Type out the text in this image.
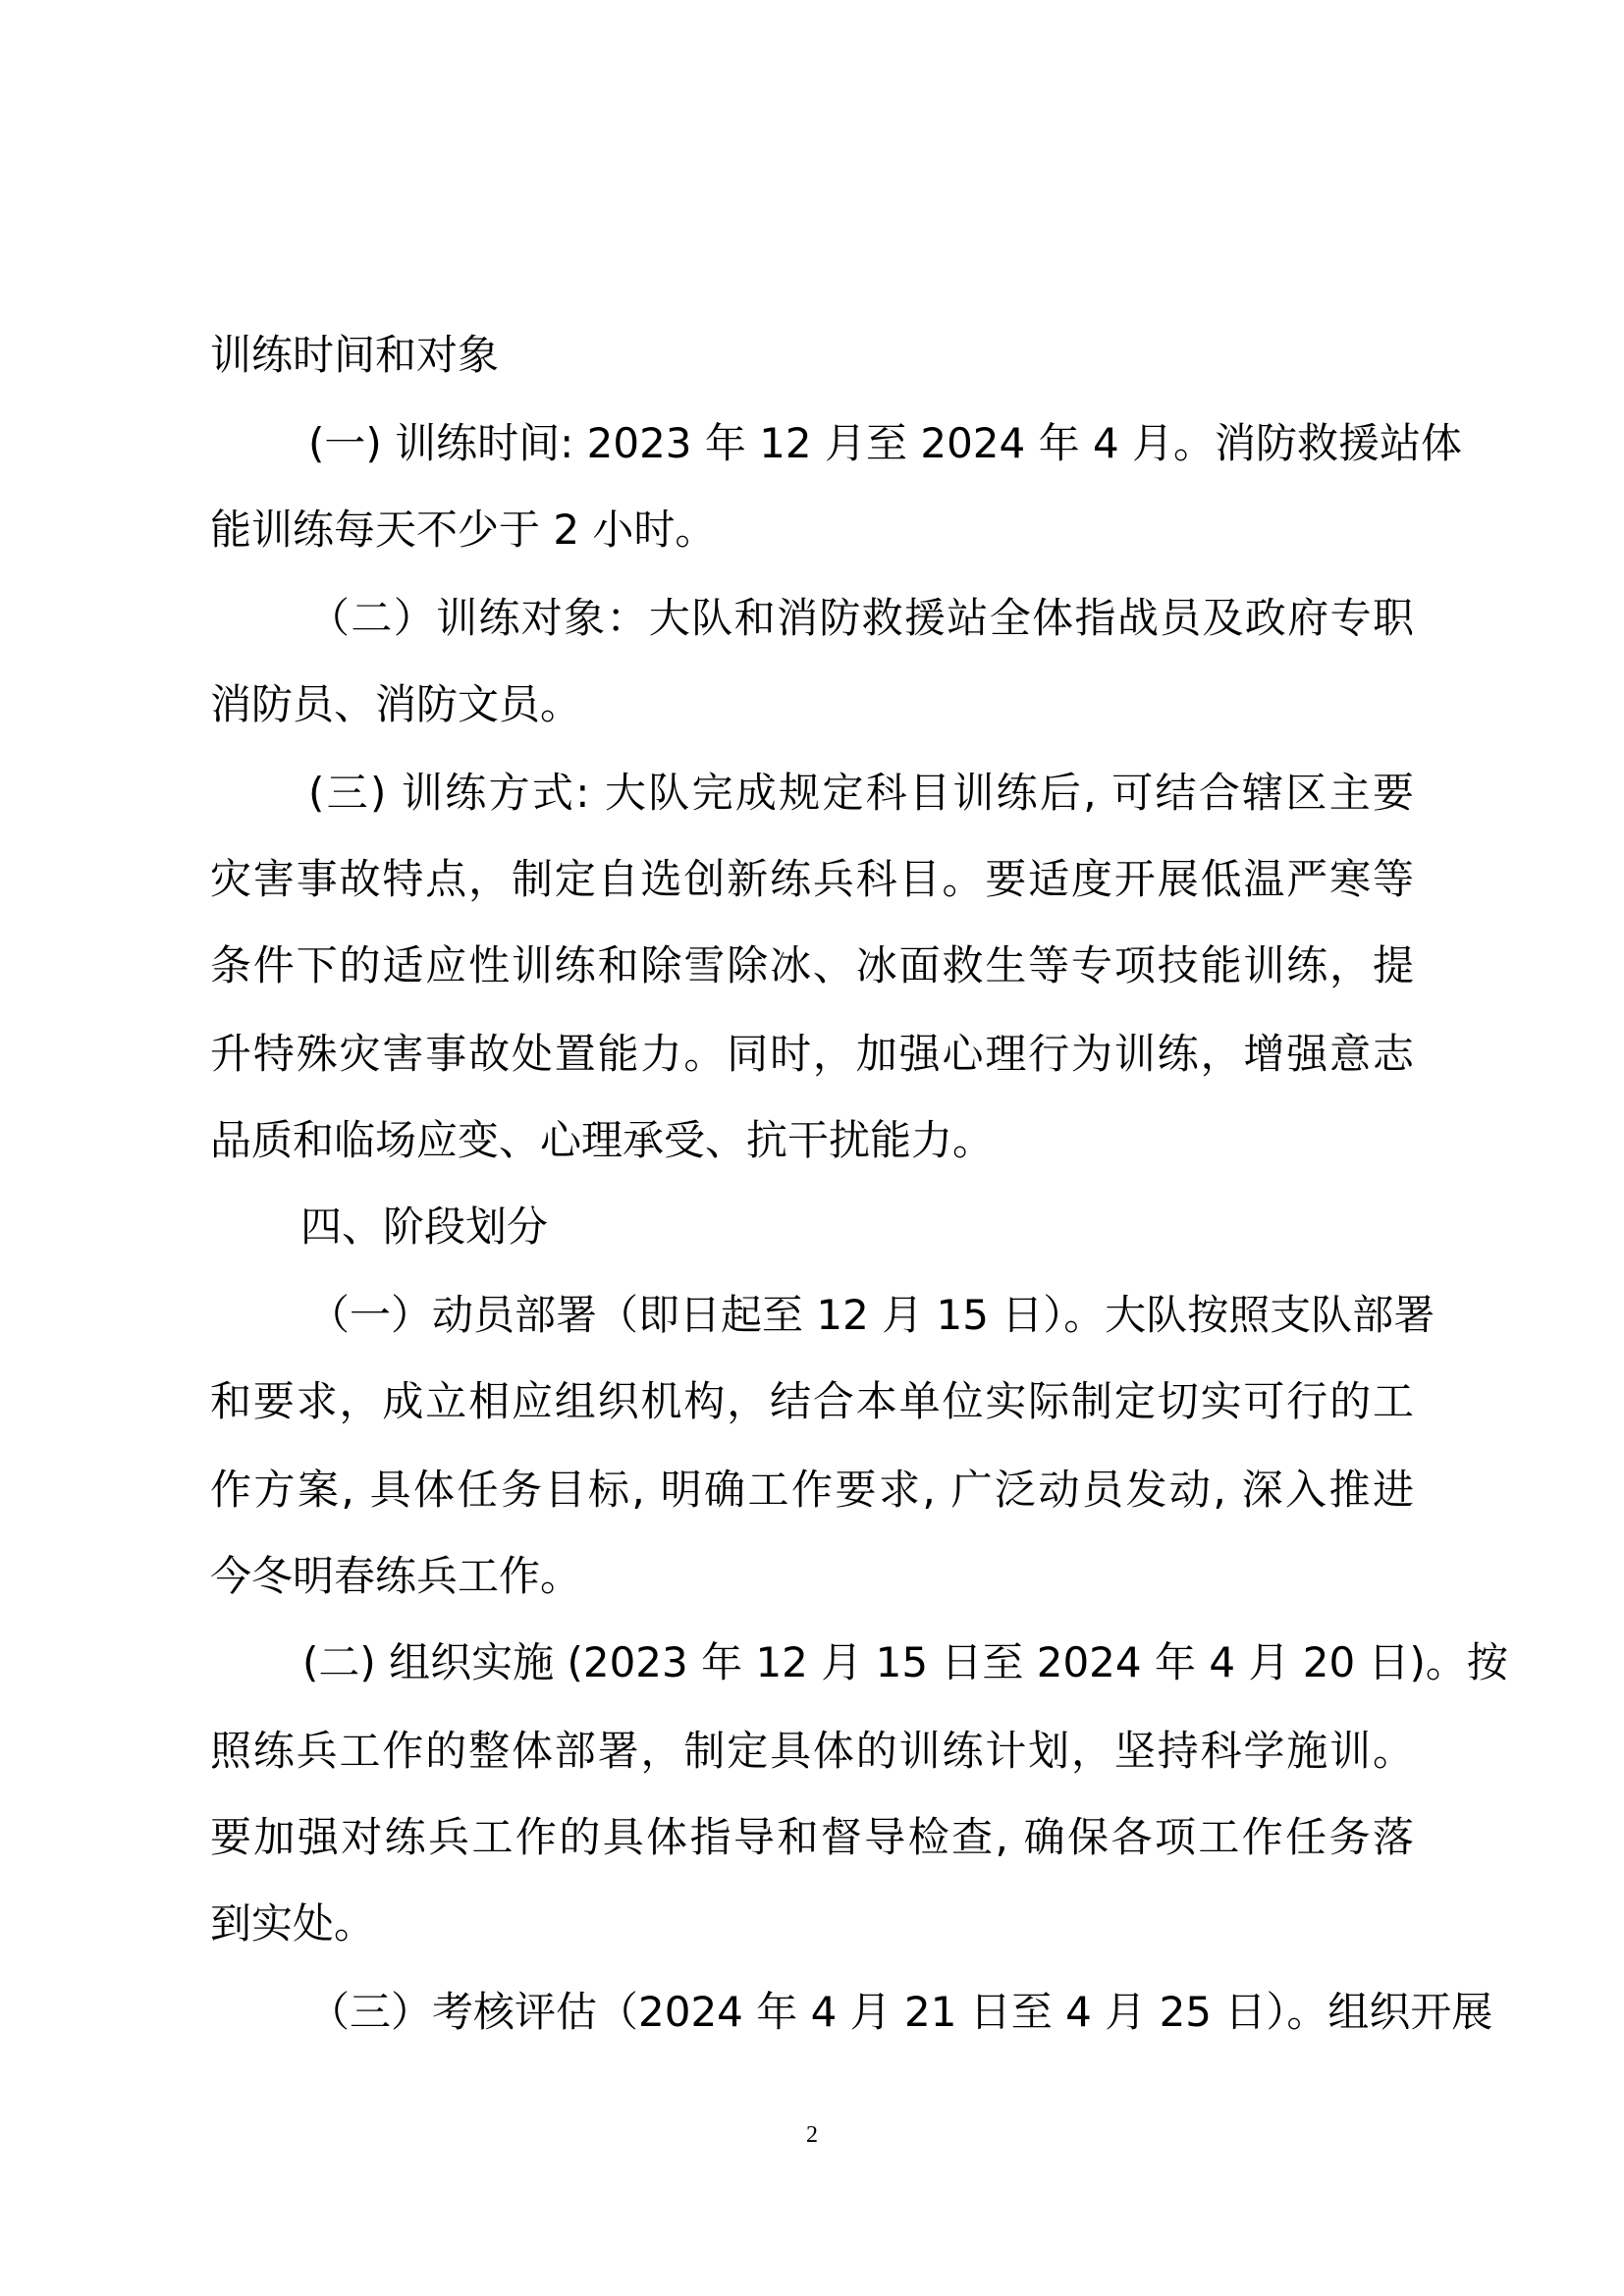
训练时间和对象

(一) 训练时间: 2023 年 12 月至 2024 年 4 月。消防救援站体

能训练每天不少于 2 小时。

（二）训练对象：大队和消防救援站全体指战员及政府专职

消防员、消防文员。

(三) 训练方式: 大队完成规定科目训练后, 可结合辖区主要

灾害事故特点，制定自选创新练兵科目。要适度开展低温严寒等

条件下的适应性训练和除雪除冰、冰面救生等专项技能训练，提

升特殊灾害事故处置能力。同时，加强心理行为训练，增强意志

品质和临场应变、心理承受、抗干扰能力。

四、阶段划分

（一）动员部署（即日起至 12 月 15 日）。大队按照支队部署

和要求，成立相应组织机构，结合本单位实际制定切实可行的工

作方案, 具体任务目标, 明确工作要求, 广泛动员发动, 深入推进

今冬明春练兵工作。

(二) 组织实施 (2023 年 12 月 15 日至 2024 年 4 月 20 日)。按

照练兵工作的整体部署，制定具体的训练计划，坚持科学施训。

要加强对练兵工作的具体指导和督导检查, 确保各项工作任务落

到实处。

（三）考核评估（2024 年 4 月 21 日至 4 月 25 日）。组织开展

2
